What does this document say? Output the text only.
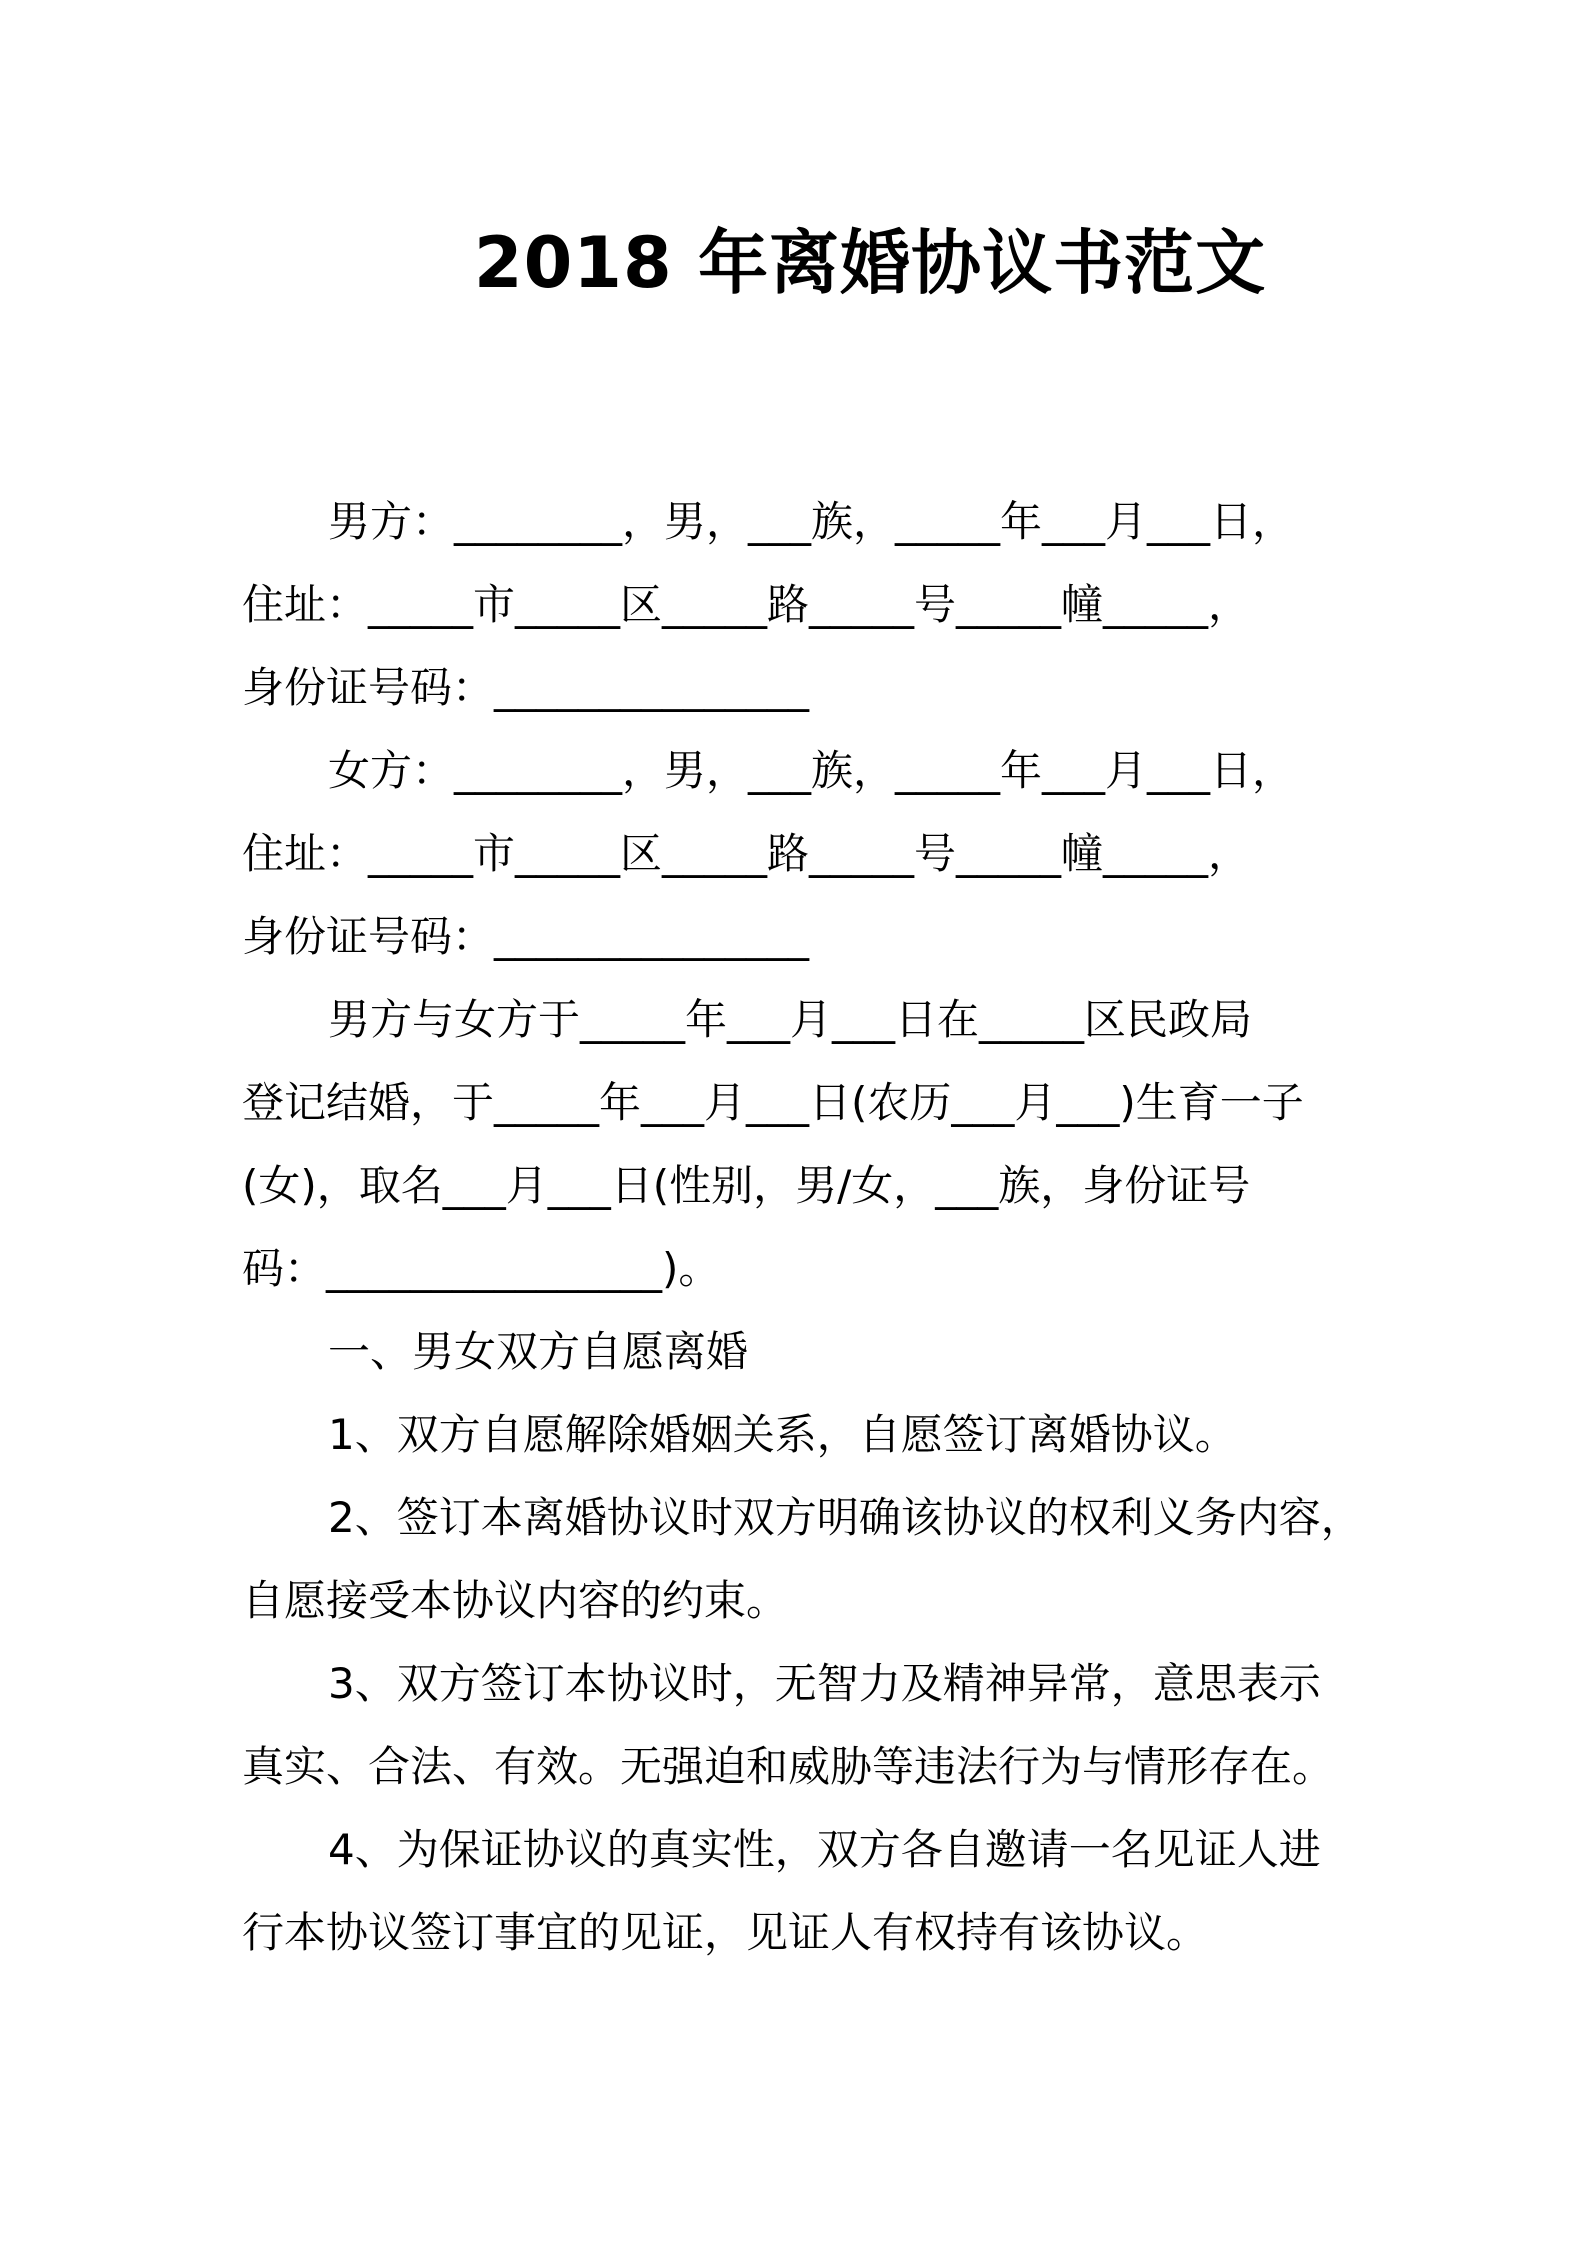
2018 年离婚协议书范文
男方：________，男，___族，_____年___月___日，
住址：_____市_____区_____路_____号_____幢_____，
身份证号码：_______________
女方：________，男，___族，_____年___月___日，
住址：_____市_____区_____路_____号_____幢_____，
身份证号码：_______________
男方与女方于_____年___月___日在_____区民政局
登记结婚，于_____年___月___日(农历___月___)生育一子
(女)，取名___月___日(性别，男/女，___族，身份证号
码：________________)。
一、男女双方自愿离婚
1、双方自愿解除婚姻关系，自愿签订离婚协议。
2、签订本离婚协议时双方明确该协议的权利义务内容，
自愿接受本协议内容的约束。
3、双方签订本协议时，无智力及精神异常，意思表示
真实、合法、有效。无强迫和威胁等违法行为与情形存在。
4、为保证协议的真实性，双方各自邀请一名见证人进
行本协议签订事宜的见证，见证人有权持有该协议。
